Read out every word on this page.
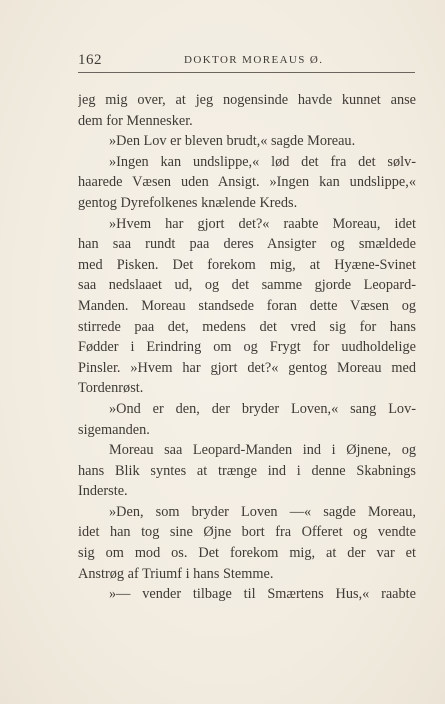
162	DOKTOR MOREAUS Ø.
jeg mig over, at jeg nogensinde havde kunnet anse
dem for Mennesker.
»Den Lov er bleven brudt,« sagde Moreau.
»Ingen kan undslippe,« lød det fra det sølv-
haarede Væsen uden Ansigt. »Ingen kan undslippe,«
gentog Dyrefolkenes knælende Kreds.
»Hvem har gjort det?« raabte Moreau, idet
han saa rundt paa deres Ansigter og smældede
med Pisken. Det forekom mig, at Hyæne-Svinet
saa nedslaaet ud, og det samme gjorde Leopard-
Manden. Moreau standsede foran dette Væsen og
stirrede paa det, medens det vred sig for hans
Fødder i Erindring om og Frygt for uudholdelige
Pinsler. »Hvem har gjort det?« gentog Moreau med
Tordenrøst.
»Ond er den, der bryder Loven,« sang Lov-
sigemanden.
Moreau saa Leopard-Manden ind i Øjnene, og
hans Blik syntes at trænge ind i denne Skabnings
Inderste.
»Den, som bryder Loven —« sagde Moreau,
idet han tog sine Øjne bort fra Offeret og vendte
sig om mod os. Det forekom mig, at der var et
Anstrøg af Triumf i hans Stemme.
»— vender tilbage til Smærtens Hus,« raabte
